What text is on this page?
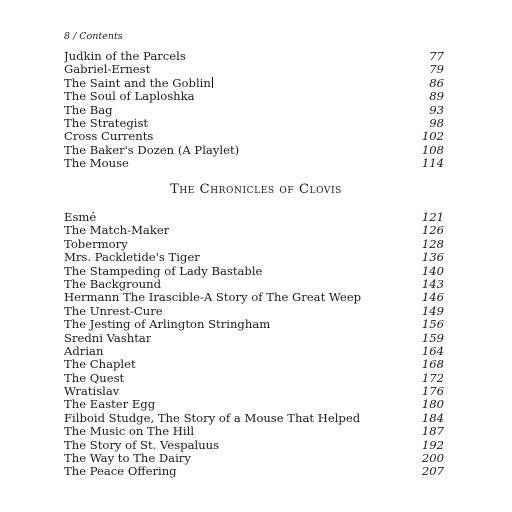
8 / Contents
Judkin of the Parcels	77
Gabriel-Ernest	79
The Saint and the Goblin	86
The Soul of Laploshka	89
The Bag	93
The Strategist	98
Cross Currents	102
The Baker's Dozen (A Playlet)	108
The Mouse	114
The Chronicles of Clovis
Esmé	121
The Match-Maker	126
Tobermory	128
Mrs. Packletide's Tiger	136
The Stampeding of Lady Bastable	140
The Background	143
Hermann The Irascible-A Story of The Great Weep	146
The Unrest-Cure	149
The Jesting of Arlington Stringham	156
Sredni Vashtar	159
Adrian	164
The Chaplet	168
The Quest	172
Wratislav	176
The Easter Egg	180
Filboid Studge, The Story of a Mouse That Helped	184
The Music on The Hill	187
The Story of St. Vespaluus	192
The Way to The Dairy	200
The Peace Offering	207
